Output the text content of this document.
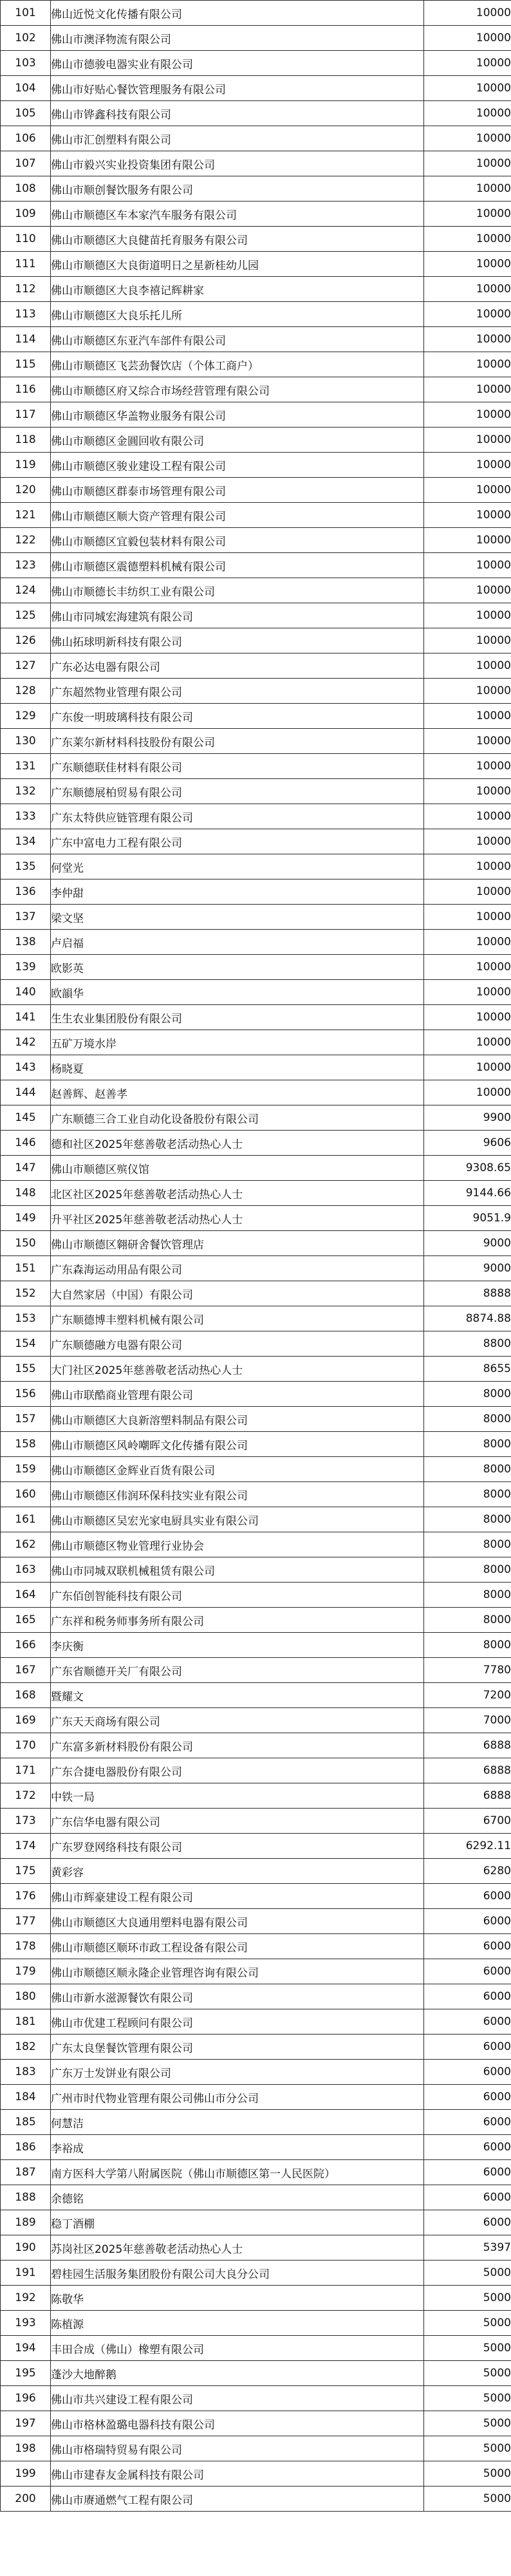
101	佛山近悦文化传播有限公司	10000
102	佛山市澳泽物流有限公司	10000
103	佛山市德骏电器实业有限公司	10000
104	佛山市好贴心餐饮管理服务有限公司	10000
105	佛山市铧鑫科技有限公司	10000
106	佛山市汇创塑料有限公司	10000
107	佛山市毅兴实业投资集团有限公司	10000
108	佛山市顺创餐饮服务有限公司	10000
109	佛山市顺德区车本家汽车服务有限公司	10000
110	佛山市顺德区大良健苗托育服务有限公司	10000
111	佛山市顺德区大良街道明日之星新桂幼儿园	10000
112	佛山市顺德区大良李禧记辉耕家	10000
113	佛山市顺德区大良乐托儿所	10000
114	佛山市顺德区东亚汽车部件有限公司	10000
115	佛山市顺德区飞芸劲餐饮店（个体工商户）	10000
116	佛山市顺德区府又综合市场经营管理有限公司	10000
117	佛山市顺德区华盖物业服务有限公司	10000
118	佛山市顺德区金圓回收有限公司	10000
119	佛山市顺德区骏业建设工程有限公司	10000
120	佛山市顺德区群泰市场管理有限公司	10000
121	佛山市顺德区顺大资产管理有限公司	10000
122	佛山市顺德区宜毅包装材料有限公司	10000
123	佛山市顺德区震德塑料机械有限公司	10000
124	佛山市顺德长丰纺织工业有限公司	10000
125	佛山市同城宏海建筑有限公司	10000
126	佛山拓球明新科技有限公司	10000
127	广东必达电器有限公司	10000
128	广东超然物业管理有限公司	10000
129	广东俊一明玻璃科技有限公司	10000
130	广东莱尔新材料科技股份有限公司	10000
131	广东顺德联佳材料有限公司	10000
132	广东顺德展柏贸易有限公司	10000
133	广东太特供应链管理有限公司	10000
134	广东中富电力工程有限公司	10000
135	何堂光	10000
136	李仲甜	10000
137	梁文坚	10000
138	卢启福	10000
139	欧影英	10000
140	欧韻华	10000
141	生生农业集团股份有限公司	10000
142	五矿万境水岸	10000
143	杨晓夏	10000
144	赵善辉、赵善孝	10000
145	广东顺德三合工业自动化设备股份有限公司	9900
146	德和社区2025年慈善敬老活动热心人士	9606
147	佛山市顺德区殡仪馆	9308.65
148	北区社区2025年慈善敬老活动热心人士	9144.66
149	升平社区2025年慈善敬老活动热心人士	9051.9
150	佛山市顺德区翱研舍餐饮管理店	9000
151	广东森海运动用品有限公司	9000
152	大自然家居（中国）有限公司	8888
153	广东顺德博丰塑料机械有限公司	8874.88
154	广东顺德融方电器有限公司	8800
155	大门社区2025年慈善敬老活动热心人士	8655
156	佛山市联酷商业管理有限公司	8000
157	佛山市顺德区大良新溶塑料制品有限公司	8000
158	佛山市顺德区风岭嘲晖文化传播有限公司	8000
159	佛山市顺德区金辉业百货有限公司	8000
160	佛山市顺德区伟润环保科技实业有限公司	8000
161	佛山市顺德区吴宏光家电厨具实业有限公司	8000
162	佛山市顺德区物业管理行业协会	8000
163	佛山市同城双联机械租赁有限公司	8000
164	广东佰创智能科技有限公司	8000
165	广东祥和税务师事务所有限公司	8000
166	李庆衡	8000
167	广东省顺德开关厂有限公司	7780
168	暨耀文	7200
169	广东天天商场有限公司	7000
170	广东富多新材料股份有限公司	6888
171	广东合捷电器股份有限公司	6888
172	中铁一局	6888
173	广东信华电器有限公司	6700
174	广东罗登网络科技有限公司	6292.11
175	黄彩容	6280
176	佛山市辉豪建设工程有限公司	6000
177	佛山市顺德区大良通用塑料电器有限公司	6000
178	佛山市顺德区顺环市政工程设备有限公司	6000
179	佛山市顺德区顺永隆企业管理咨询有限公司	6000
180	佛山市新水滋源餐饮有限公司	6000
181	佛山市优建工程顾问有限公司	6000
182	广东太良堡餐饮管理有限公司	6000
183	广东万士发饼业有限公司	6000
184	广州市时代物业管理有限公司佛山市分公司	6000
185	何慧洁	6000
186	李裕成	6000
187	南方医科大学第八附属医院（佛山市顺德区第一人民医院）	6000
188	余德铭	6000
189	稳丁酒棚	6000
190	苏岗社区2025年慈善敬老活动热心人士	5397
191	碧桂园生活服务集团股份有限公司大良分公司	5000
192	陈敬华	5000
193	陈植源	5000
194	丰田合成（佛山）橡塑有限公司	5000
195	蓬沙大地醉鹅	5000
196	佛山市共兴建设工程有限公司	5000
197	佛山市格林盈璐电器科技有限公司	5000
198	佛山市格瑞特贸易有限公司	5000
199	佛山市建春友金属科技有限公司	5000
200	佛山市赓通燃气工程有限公司	5000
